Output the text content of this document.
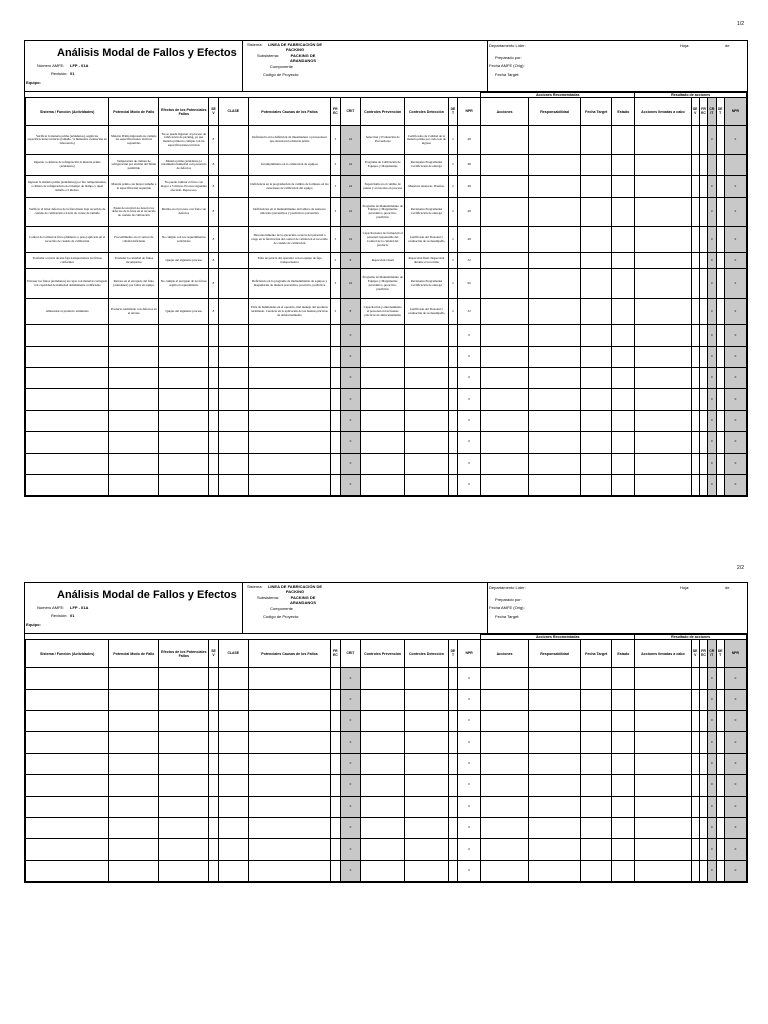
1/2
Análisis Modal de Fallos y Efectos
Número AMFE: LFP - 01A
Revisión: 01
Equipo:
Sistema: LINEA DE FABRICACIÓN DE PACKING
Subsistema:	PACKING DE ARANDANOS
Componente
Codigo de Proyecto:
Departamento Líder:
Preparado por:
Fecha AMFE (Orig):
Fecha Target:
Hoja:	de
												Acciones Recomendadas				Resultado de acciones					
Sistema / Función (Actividades)	Potencial Modo de Fallo	Efectos de los Potenciales Fallos	SEV	CLASE	Potenciales Causas de los Fallos	FREC	CRIT	Controles Prevención	Controles Detección	DET	NPR	Acciones	Responsabilidad	Fecha Target	Estado	Acciones llevadas a cabo	SEV	FREC	CRIT	DET	NPR
Verificar la materia prima (arándanos), según las especificaciones técnicas (tamaño, % humedad, evaluación en laboratorio)	Materia Prima ingresada no cumple las especificaciones técnicas requeridas	No se puede ingresar al proceso de fabricación de packing, ya que materia prima no cumple con las especificaciones técnicas	8		Deficiencia en la definición de lineamientos a proveedores que abastecen la materia prima	3	24	Selección y Evaluación de Proveedores	Certificados de Calidad de la materia prima por cada lote de ingreso	2	48								0		0
Ingresar a cámaras de refrigeración la materia prima (arándanos)	Temperatura de cámara de refrigeración por encima del límite permitido	Materia prima (arándanos) a tratamiento humedad con presencia de defectos	8		Incumplimiento en la calibración de equipos	3	24	Programa de Calibración de Equipos y Maquinarias	Revisiones Programadas Certificación de entrega	2	48										
Ingresar la materia prima (arándanos) por flor temperaturales, a cámara de refrigeración en el tiempo de tiempo y igual tamaño a 5 metros.	Materia prima con mayor tamaño a la especificación requerida	No puede calibrar el fruto con mayor a 5 micras. Proceso siguiente afectado. Reproceso.	8		Deficiencia en la programación de cambio de formatos en las estaciones de calibración del equipo	3	24	Supervisión en el cambio de piezas y accesorios en proceso	Muestreo aleatorio. Pruebas.	2	48								0		0
Verificar el nivel defectos de la fruta hasta baja recorrido de cuando de calibración a través de corate de tamaño	Pasan de un nivel no detecta los defectos de la fruta en el recorrido de cuando de calibración	Merma en el proceso con fruta con defectos	8		Deficiencias en el mantenimiento del tablero de sensores ubicados preventivos y predictivos preventivo	3	24	Programa de Mantenimiento de Equipos y Maquinarias preventivo, proactivo, predictivo	Revisiones Programadas Certificación de entrega	2	48								0		0
Control de Calidad al fruto (diámetro y peso) aplicado en el recorrido de cuando de calibración	Procedimiento en el control de calidad deficiente	No cumple con los requerimientos solicitados	8		Desconocimiento de la ejecución correcta del personal a cargo en la fabricación del control de calidad en el recorrido de cuando de calibración	3	24	Capacitaciones de formación al personal responsable del Control de la calidad del producto	Certificado del Personal y evaluación de su desempeño	2	48								0		0
Trasladar a través de una faja transportadora los frutos conformes	Trasladar la cantidad de frutos incompletos	Quejas del siguiente proceso	8		Falta de pericia del operador con el equipo de faja transportadora	2	8	Inspección visual	Inspección final. Inspección durante el recorrido	2	32								0		0
Envasar los frutos (arándanos) en cajas con material corrugado con capacidad de humedad debidamente codificadas	Retraso en el encajado del fruto (arándanos) por fallas en equipo	No cumple el encajado de los frutos según el requerimiento	8		Deficiencia en la programa de mantenimiento de equipos y maquinarias de manera preventiva, proactiva, predictiva	3	24	Programa de Mantenimiento de Equipos y Maquinarias preventivo, proactivo, predictivo	Revisiones Programadas Certificación de entrega	2	96								0		0
Almacenar el producto terminado	Producto terminado con defectos en el envase	Quejas del siguiente proceso	8		Falta de habilidades en el operario, mal manejo del producto terminado. Carencia en la aplicación de las buenas prácticas de almacenamiento	2	8	Capacitación y entrenamiento al personal en las buenas prácticas de almacenamiento	Certificado del Personal y evaluación de su desempeño	2	32								0		0
							0				0								0		0
							0				0								0		0
							0				0								0		0
							0				0								0		0
							0				0								0		0
							0				0								0		0
							0				0								0		0
							0				0								0		0
2/2
Análisis Modal de Fallos y Efectos
Número AMFE: LFP - 01A
Revisión: 01
Equipo:
Sistema: LINEA DE FABRICACIÓN DE PACKING
Subsistema:	PACKING DE ARANDANOS
Componente
Codigo de Proyecto:
Departamento Líder:
Preparado por:
Fecha AMFE (Orig):
Fecha Target:
Hoja:	de
												Acciones Recomendadas				Resultado de acciones					
Sistema / Función (Actividades)	Potencial Modo de Fallo	Efectos de los Potenciales Fallos	SEV	CLASE	Potenciales Causas de los Fallos	FREC	CRIT	Controles Prevención	Controles Detección	DET	NPR	Acciones	Responsabilidad	Fecha Target	Estado	Acciones llevadas a cabo	SEV	FREC	CRIT	DET	NPR
							0				0								0		0
							0				0								0		0
							0				0								0		0
							0				0								0		0
							0				0								0		0
							0				0								0		0
							0				0								0		0
							0				0								0		0
							0				0								0		0
							0				0								0		0
